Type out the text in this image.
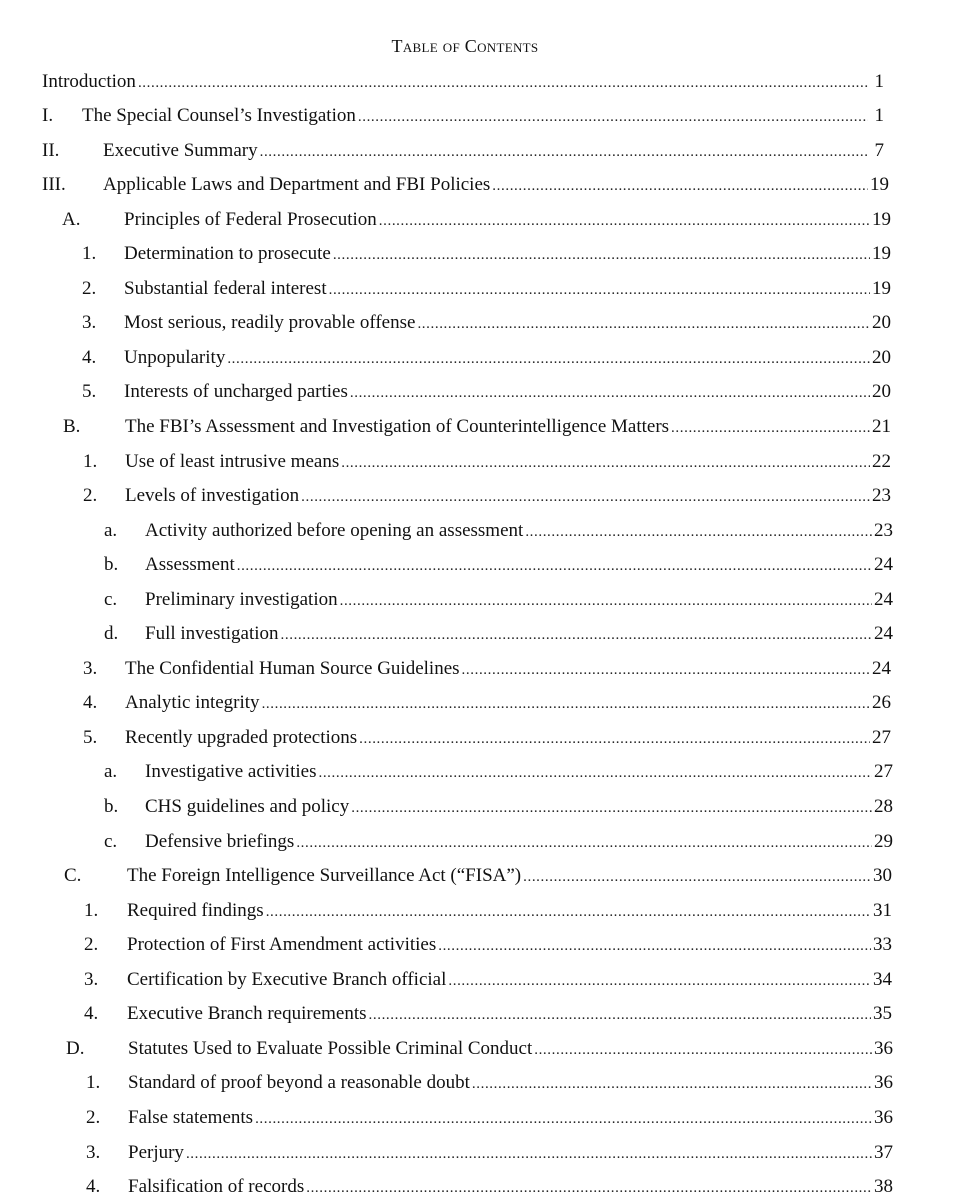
Table of Contents
Introduction .....	1
I. The Special Counsel’s Investigation .....	1
II. Executive Summary .....	7
III. Applicable Laws and Department and FBI Policies .....	19
A. Principles of Federal Prosecution .....	19
1. Determination to prosecute .....	19
2. Substantial federal interest .....	19
3. Most serious, readily provable offense .....	20
4. Unpopularity .....	20
5. Interests of uncharged parties .....	20
B. The FBI’s Assessment and Investigation of Counterintelligence Matters .....	21
1. Use of least intrusive means .....	22
2. Levels of investigation .....	23
a. Activity authorized before opening an assessment .....	23
b. Assessment .....	24
c. Preliminary investigation .....	24
d. Full investigation .....	24
3. The Confidential Human Source Guidelines .....	24
4. Analytic integrity .....	26
5. Recently upgraded protections .....	27
a. Investigative activities .....	27
b. CHS guidelines and policy .....	28
c. Defensive briefings .....	29
C. The Foreign Intelligence Surveillance Act (“FISA”) .....	30
1. Required findings .....	31
2. Protection of First Amendment activities .....	33
3. Certification by Executive Branch official .....	34
4. Executive Branch requirements .....	35
D. Statutes Used to Evaluate Possible Criminal Conduct .....	36
1. Standard of proof beyond a reasonable doubt .....	36
2. False statements .....	36
3. Perjury .....	37
4. Falsification of records .....	38
